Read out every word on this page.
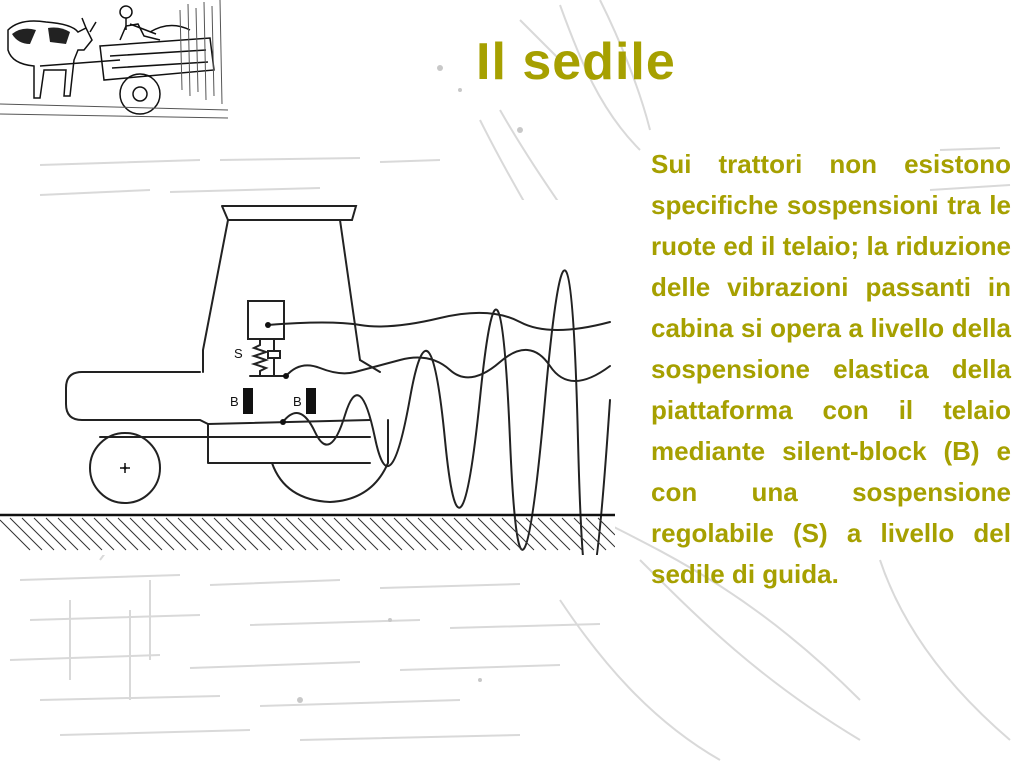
Il sedile
S
B	B

Sui trattori non esistono specifiche sospensioni tra le ruote ed il telaio; la riduzione delle vibrazioni passanti in cabina si opera a livello della sospensione elastica della piattaforma con il telaio mediante silent-block (B) e con una sospensione regolabile (S) a livello del sedile di guida.
